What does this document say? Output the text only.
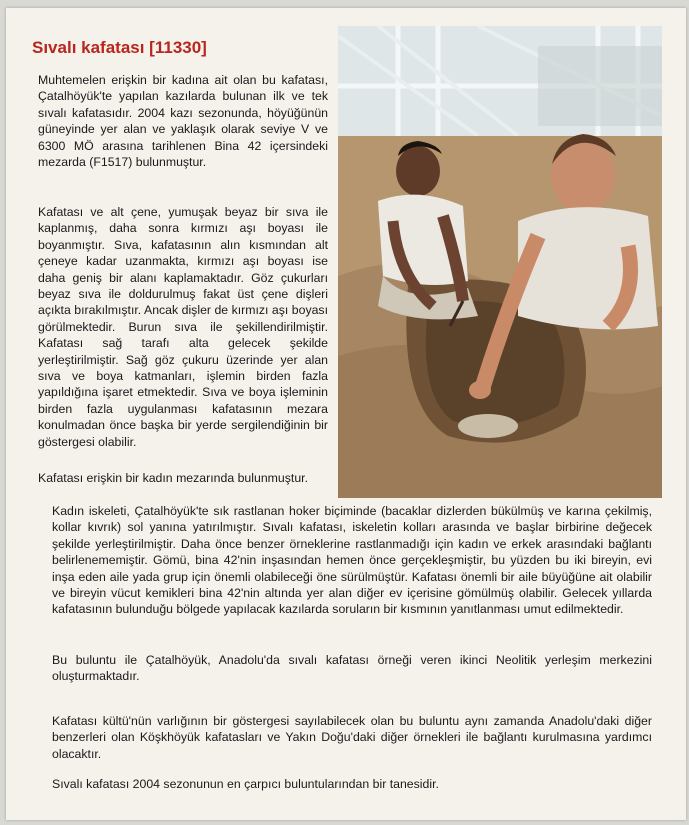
Sıvalı kafatası [11330]

Muhtemelen erişkin bir kadına ait olan bu kafatası, Çatalhöyük'te yapılan kazılarda bulunan ilk ve tek sıvalı kafatasıdır. 2004 kazı sezonunda, höyüğünün güneyinde yer alan ve yaklaşık olarak seviye V ve 6300 MÖ arasına tarihlenen Bina 42 içersindeki mezarda (F1517) bulunmuştur.

Kafatası ve alt çene, yumuşak beyaz bir sıva ile kaplanmış, daha sonra kırmızı aşı boyası ile boyanmıştır. Sıva, kafatasının alın kısmından alt çeneye kadar uzanmakta, kırmızı aşı boyası ise daha geniş bir alanı kaplamaktadır. Göz çukurları beyaz sıva ile doldurulmuş fakat üst çene dişleri açıkta bırakılmıştır. Ancak dişler de kırmızı aşı boyası görülmektedir. Burun sıva ile şekillendirilmiştir. Kafatası sağ tarafı alta gelecek şekilde yerleştirilmiştir. Sağ göz çukuru üzerinde yer alan sıva ve boya katmanları, işlemin birden fazla yapıldığına işaret etmektedir. Sıva ve boya işleminin birden fazla uygulanması kafatasının mezara konulmadan önce başka bir yerde sergilendiğinin bir göstergesi olabilir.

Kafatası erişkin bir kadın mezarında bulunmuştur.

Kadın iskeleti, Çatalhöyük'te sık rastlanan hoker biçiminde (bacaklar dizlerden bükülmüş ve karına çekilmiş, kollar kıvrık) sol yanına yatırılmıştır. Sıvalı kafatası, iskeletin kolları arasında ve başlar birbirine değecek şekilde yerleştirilmiştir. Daha önce benzer örneklerine rastlanmadığı için kadın ve erkek arasındaki bağlantı belirlenememiştir. Gömü, bina 42'nin inşasından hemen önce gerçekleşmiştir, bu yüzden bu iki bireyin, evi inşa eden aile yada grup için önemli olabileceği öne sürülmüştür. Kafatası önemli bir aile büyüğüne ait olabilir ve bireyin vücut kemikleri bina 42'nin altında yer alan diğer ev içerisine gömülmüş olabilir. Gelecek yıllarda kafatasının bulunduğu bölgede yapılacak kazılarda soruların bir kısmının yanıtlanması umut edilmektedir.

Bu buluntu ile Çatalhöyük, Anadolu'da sıvalı kafatası örneği veren ikinci Neolitik yerleşim merkezini oluşturmaktadır.

Kafatası kültü'nün varlığının bir göstergesi sayılabilecek olan bu buluntu aynı zamanda Anadolu'daki diğer benzerleri olan Köşkhöyük kafatasları ve Yakın Doğu'daki diğer örnekleri ile bağlantı kurulmasına yardımcı olacaktır.

Sıvalı kafatası 2004 sezonunun en çarpıcı buluntularından bir tanesidir.
